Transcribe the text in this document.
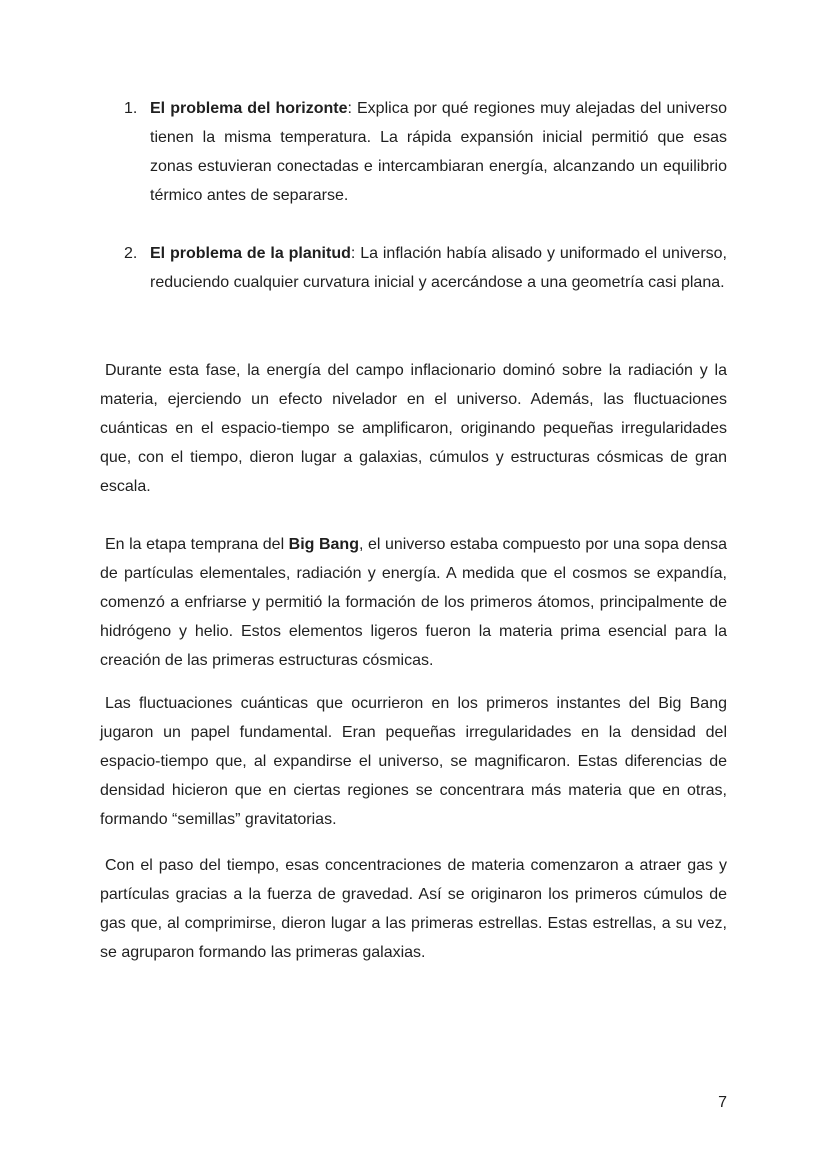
1. El problema del horizonte: Explica por qué regiones muy alejadas del universo tienen la misma temperatura. La rápida expansión inicial permitió que esas zonas estuvieran conectadas e intercambiaran energía, alcanzando un equilibrio térmico antes de separarse.
2. El problema de la planitud: La inflación había alisado y uniformado el universo, reduciendo cualquier curvatura inicial y acercándose a una geometría casi plana.

Durante esta fase, la energía del campo inflacionario dominó sobre la radiación y la materia, ejerciendo un efecto nivelador en el universo. Además, las fluctuaciones cuánticas en el espacio-tiempo se amplificaron, originando pequeñas irregularidades que, con el tiempo, dieron lugar a galaxias, cúmulos y estructuras cósmicas de gran escala.

En la etapa temprana del Big Bang, el universo estaba compuesto por una sopa densa de partículas elementales, radiación y energía. A medida que el cosmos se expandía, comenzó a enfriarse y permitió la formación de los primeros átomos, principalmente de hidrógeno y helio. Estos elementos ligeros fueron la materia prima esencial para la creación de las primeras estructuras cósmicas.

Las fluctuaciones cuánticas que ocurrieron en los primeros instantes del Big Bang jugaron un papel fundamental. Eran pequeñas irregularidades en la densidad del espacio-tiempo que, al expandirse el universo, se magnificaron. Estas diferencias de densidad hicieron que en ciertas regiones se concentrara más materia que en otras, formando “semillas” gravitatorias.

Con el paso del tiempo, esas concentraciones de materia comenzaron a atraer gas y partículas gracias a la fuerza de gravedad. Así se originaron los primeros cúmulos de gas que, al comprimirse, dieron lugar a las primeras estrellas. Estas estrellas, a su vez, se agruparon formando las primeras galaxias.

7
